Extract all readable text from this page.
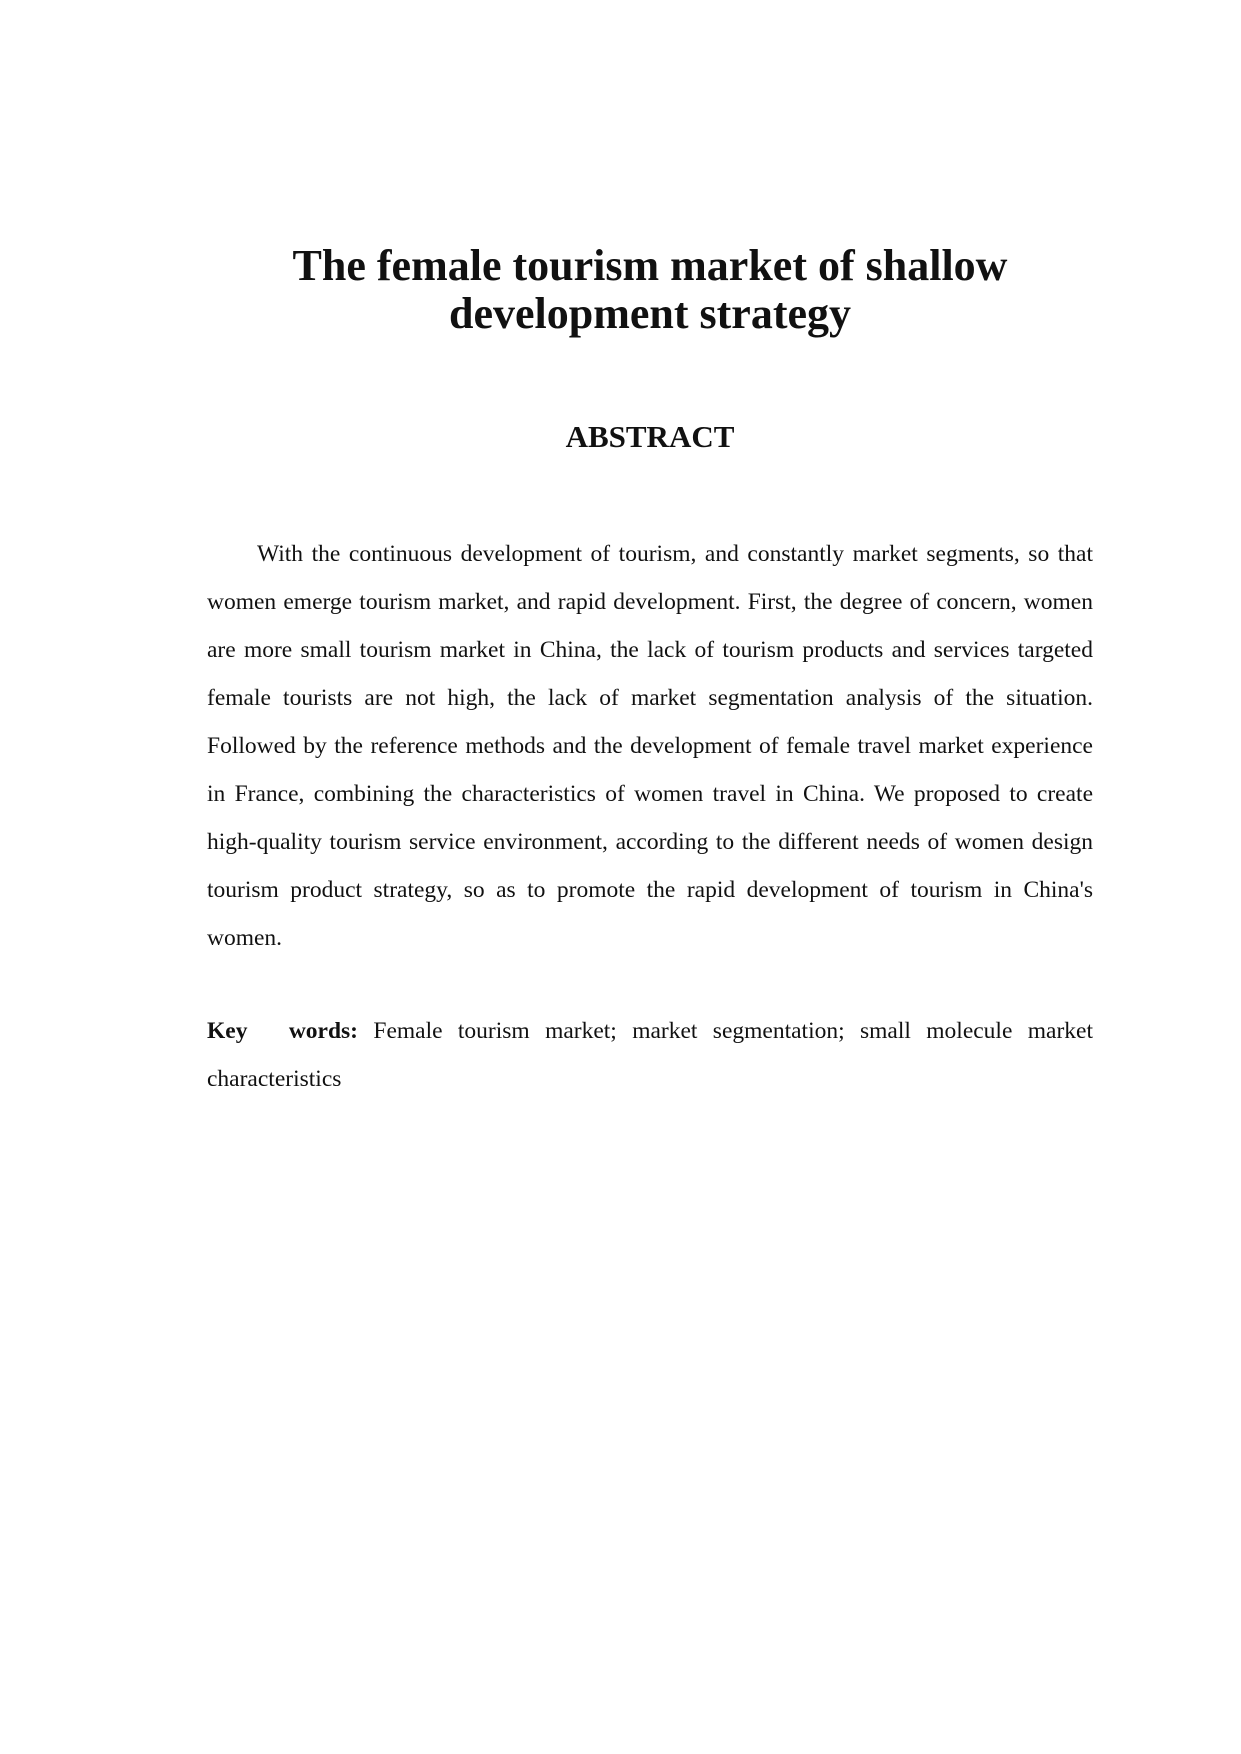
The female tourism market of shallow
development strategy
ABSTRACT

With the continuous development of tourism, and constantly market segments, so that women emerge tourism market, and rapid development. First, the degree of concern, women are more small tourism market in China, the lack of tourism products and services targeted female tourists are not high, the lack of market segmentation analysis of the situation. Followed by the reference methods and the development of female travel market experience in France, combining the characteristics of women travel in China. We proposed to create high-quality tourism service environment, according to the different needs of women design tourism product strategy, so as to promote the rapid development of tourism in China's women.

Key words: Female tourism market; market segmentation; small molecule market characteristics
